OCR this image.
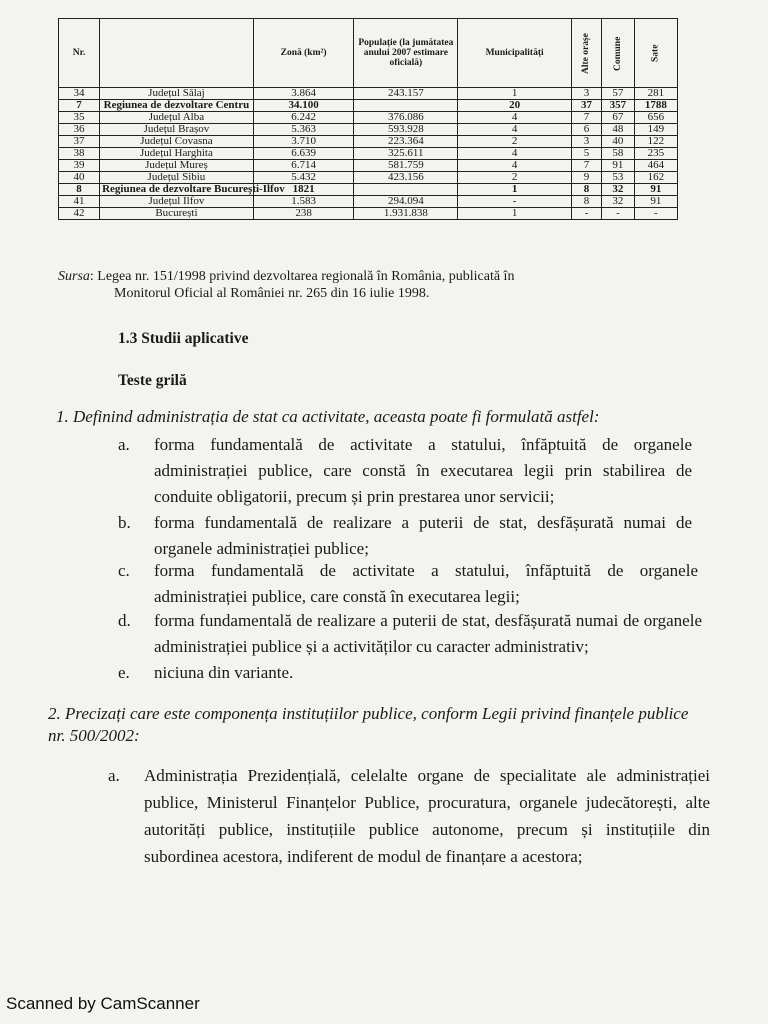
Nr.		Zonă (km²)	Populație (la jumătatea anului 2007 estimare oficială)	Municipalități	Alte orașe	Comune	Sate
34	Județul Sălaj	3.864	243.157	1	3	57	281
7	Regiunea de dezvoltare Centru	34.100		20	37	357	1788
35	Județul Alba	6.242	376.086	4	7	67	656
36	Județul Brașov	5.363	593.928	4	6	48	149
37	Județul Covasna	3.710	223.364	2	3	40	122
38	Județul Harghita	6.639	325.611	4	5	58	235
39	Județul Mureș	6.714	581.759	4	7	91	464
40	Județul Sibiu	5.432	423.156	2	9	53	162
8	Regiunea de dezvoltare București-Ilfov	1821		1	8	32	91
41	Județul Ilfov	1.583	294.094	-	8	32	91
42	București	238	1.931.838	1	-	-	-
Sursa: Legea nr. 151/1998 privind dezvoltarea regională în România, publicată în
Monitorul Oficial al României nr. 265 din 16 iulie 1998.
1.3 Studii aplicative
Teste grilă
1. Definind administrația de stat ca activitate, aceasta poate fi formulată astfel:
a. forma fundamentală de activitate a statului, înfăptuită de organele administrației publice, care constă în executarea legii prin stabilirea de conduite obligatorii, precum și prin prestarea unor servicii;
b. forma fundamentală de realizare a puterii de stat, desfășurată numai de organele administrației publice;
c. forma fundamentală de activitate a statului, înfăptuită de organele administrației publice, care constă în executarea legii;
d. forma fundamentală de realizare a puterii de stat, desfășurată numai de organele administrației publice și a activităților cu caracter administrativ;
e. niciuna din variante.
2. Precizați care este componența instituțiilor publice, conform Legii privind finanțele publice nr. 500/2002:
a. Administrația Prezidențială, celelalte organe de specialitate ale administrației publice, Ministerul Finanțelor Publice, procuratura, organele judecătorești, alte autorități publice, instituțiile publice autonome, precum și instituțiile din subordinea acestora, indiferent de modul de finanțare a acestora;
Scanned by CamScanner
